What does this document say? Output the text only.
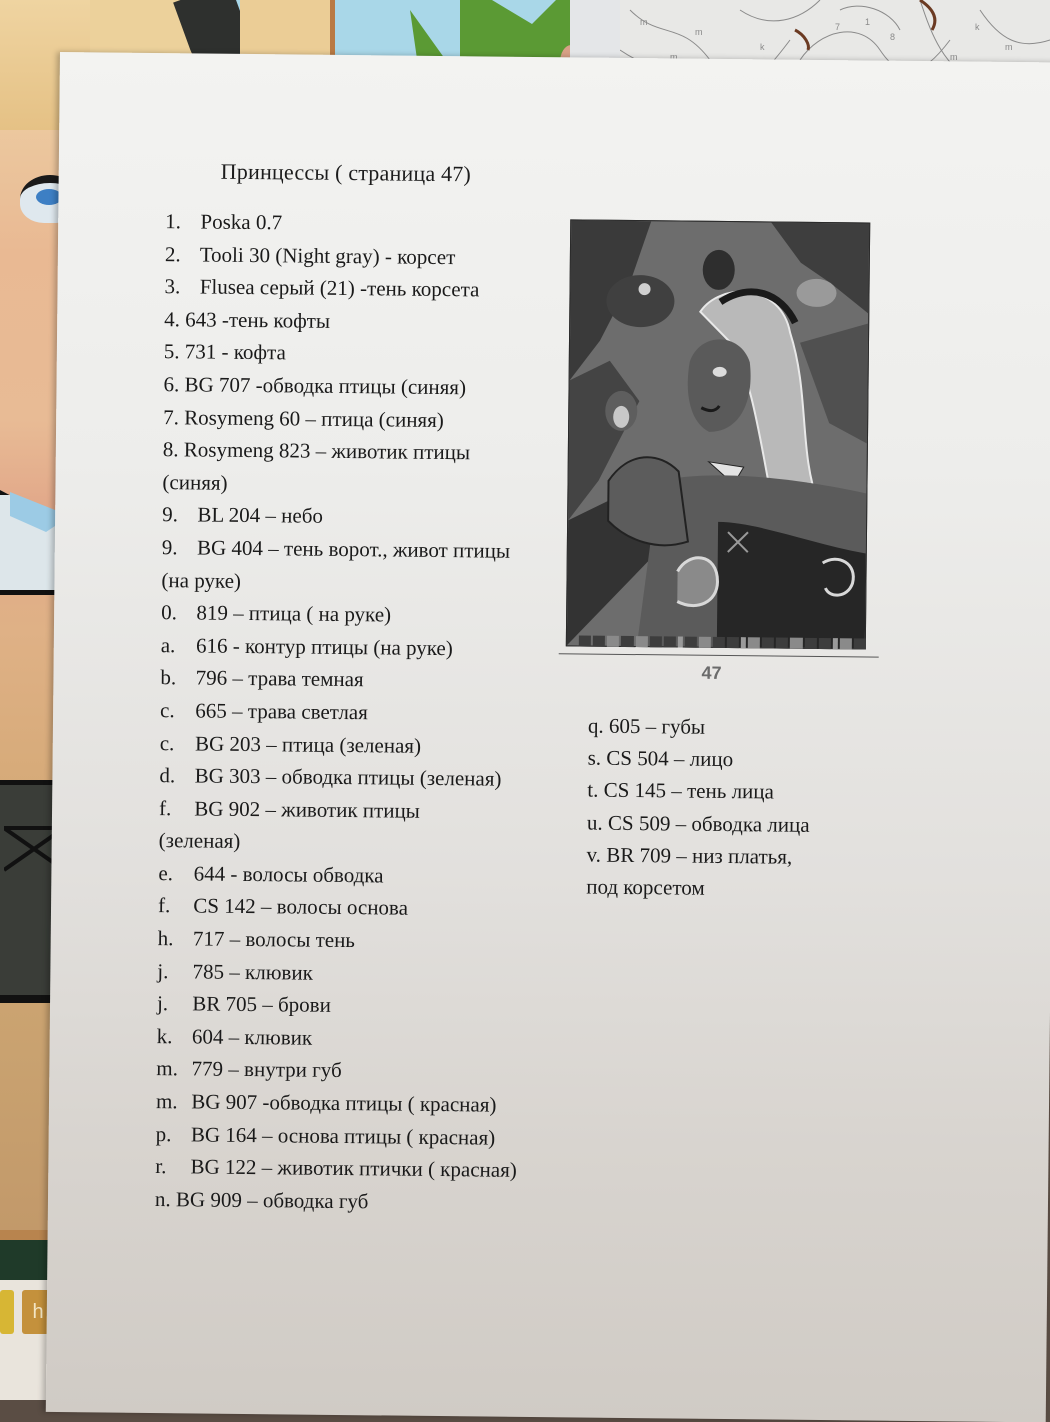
h
m
m
m
k
7	1
8
m
k
m
Принцессы ( страница 47)
1. Poska 0.7
2. Tooli 30 (Night gray) - корсет
3. Flusea серый (21) -тень корсета
4. 643 -тень кофты
5. 731 - кофта
6. BG 707 -обводка птицы (синяя)
7. Rosymeng 60 – птица (синяя)
8. Rosymeng 823 – животик птицы
(синяя)
9. BL 204 – небо
9. BG 404 – тень ворот., живот птицы
(на руке)
0. 819 – птица ( на руке)
a. 616 - контур птицы (на руке)
b. 796 – трава темная
c. 665 – трава светлая
c. BG 203 – птица (зеленая)
d. BG 303 – обводка птицы (зеленая)
f. BG 902 – животик птицы
(зеленая)
e. 644 - волосы обводка
f. CS 142 – волосы основа
h. 717 – волосы тень
j. 785 – клювик
j. BR 705 – брови
k. 604 – клювик
m. 779 – внутри губ
m. BG 907 -обводка птицы ( красная)
p. BG 164 – основа птицы ( красная)
r. BG 122 – животик птички ( красная)
n. BG 909 – обводка губ
47
q. 605 – губы
s. CS 504 – лицо
t. CS 145 – тень лица
u. CS 509 – обводка лица
v. BR 709 – низ платья,
под корсетом
